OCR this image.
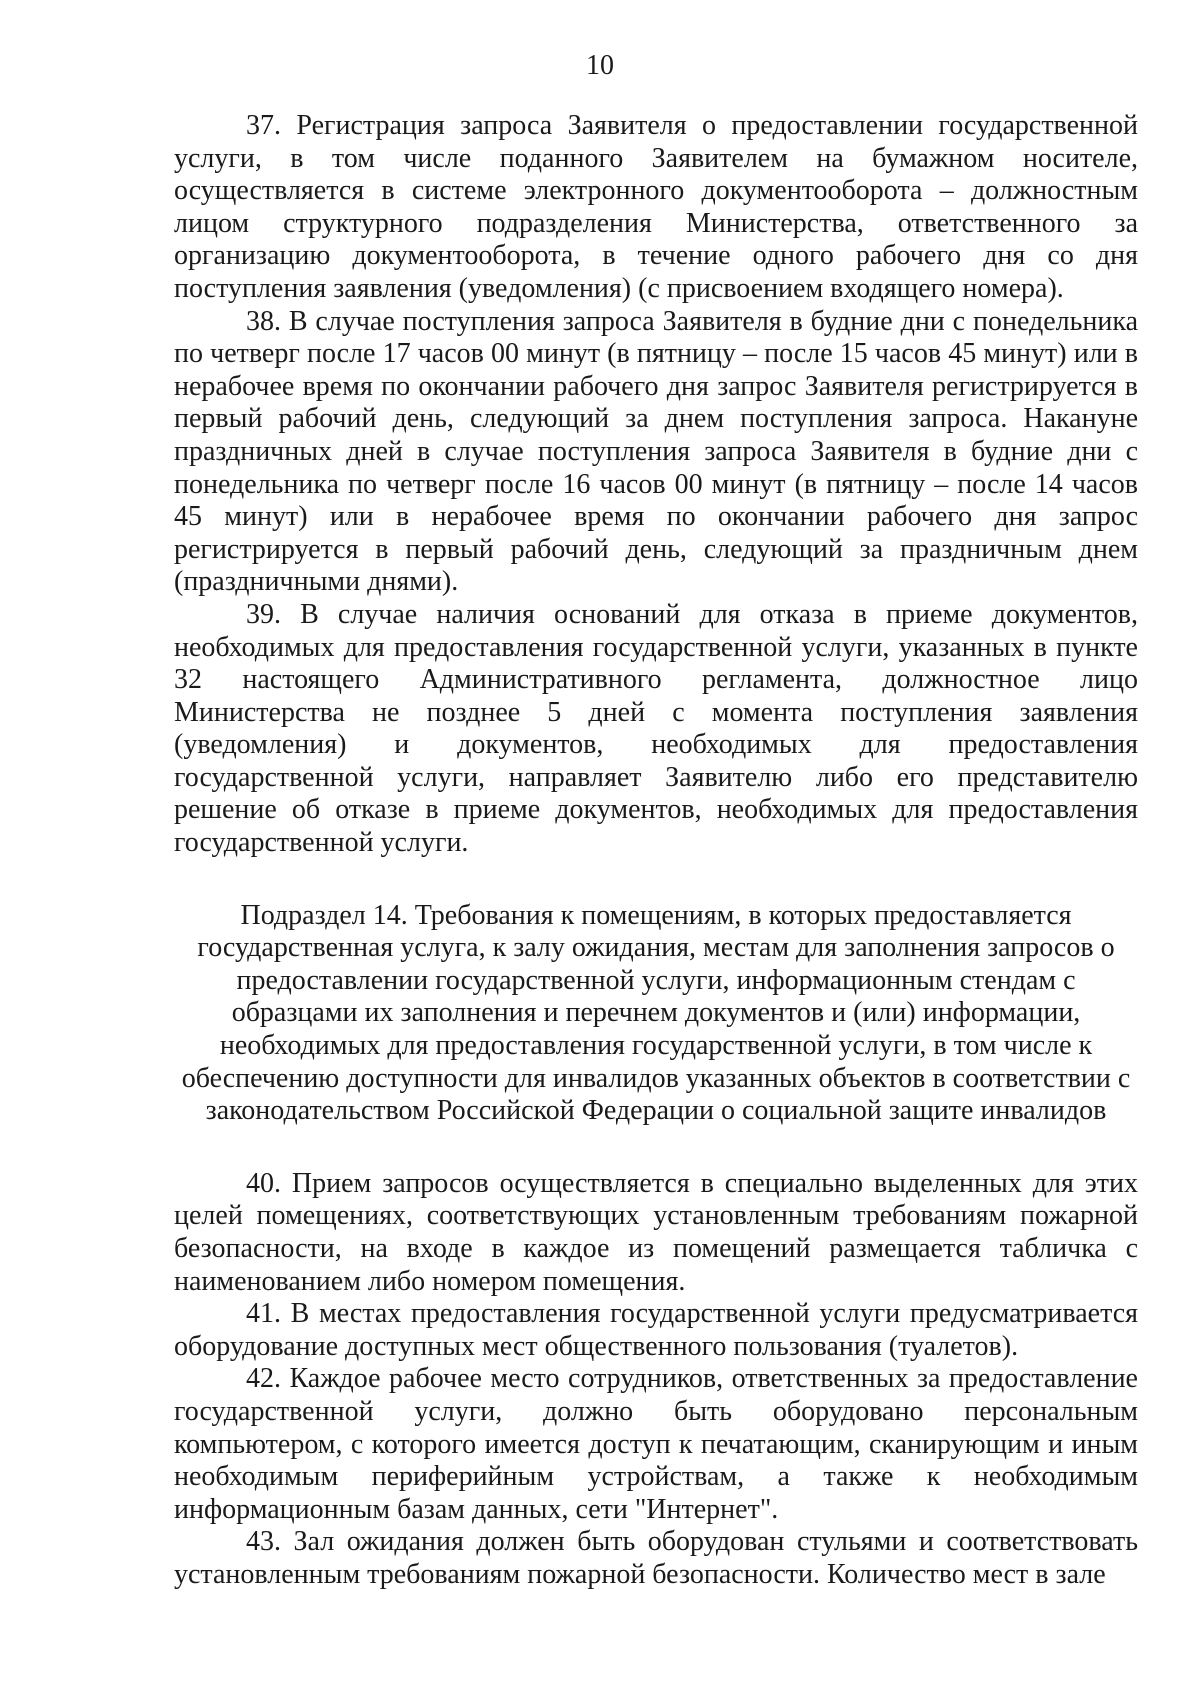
10

37. Регистрация запроса Заявителя о предоставлении государственной услуги, в том числе поданного Заявителем на бумажном носителе, осуществляется в системе электронного документооборота – должностным лицом структурного подразделения Министерства, ответственного за организацию документооборота, в течение одного рабочего дня со дня поступления заявления (уведомления) (с присвоением входящего номера).

38. В случае поступления запроса Заявителя в будние дни с понедельника по четверг после 17 часов 00 минут (в пятницу – после 15 часов 45 минут) или в нерабочее время по окончании рабочего дня запрос Заявителя регистрируется в первый рабочий день, следующий за днем поступления запроса. Накануне праздничных дней в случае поступления запроса Заявителя в будние дни с понедельника по четверг после 16 часов 00 минут (в пятницу – после 14 часов 45 минут) или в нерабочее время по окончании рабочего дня запрос регистрируется в первый рабочий день, следующий за праздничным днем (праздничными днями).

39. В случае наличия оснований для отказа в приеме документов, необходимых для предоставления государственной услуги, указанных в пункте 32 настоящего Административного регламента, должностное лицо Министерства не позднее 5 дней с момента поступления заявления (уведомления) и документов, необходимых для предоставления государственной услуги, направляет Заявителю либо его представителю решение об отказе в приеме документов, необходимых для предоставления государственной услуги.

Подраздел 14. Требования к помещениям, в которых предоставляется государственная услуга, к залу ожидания, местам для заполнения запросов о предоставлении государственной услуги, информационным стендам с образцами их заполнения и перечнем документов и (или) информации, необходимых для предоставления государственной услуги, в том числе к обеспечению доступности для инвалидов указанных объектов в соответствии с законодательством Российской Федерации о социальной защите инвалидов

40. Прием запросов осуществляется в специально выделенных для этих целей помещениях, соответствующих установленным требованиям пожарной безопасности, на входе в каждое из помещений размещается табличка с наименованием либо номером помещения.

41. В местах предоставления государственной услуги предусматривается оборудование доступных мест общественного пользования (туалетов).

42. Каждое рабочее место сотрудников, ответственных за предоставление государственной услуги, должно быть оборудовано персональным компьютером, с которого имеется доступ к печатающим, сканирующим и иным необходимым периферийным устройствам, а также к необходимым информационным базам данных, сети "Интернет".

43. Зал ожидания должен быть оборудован стульями и соответствовать установленным требованиям пожарной безопасности. Количество мест в зале
